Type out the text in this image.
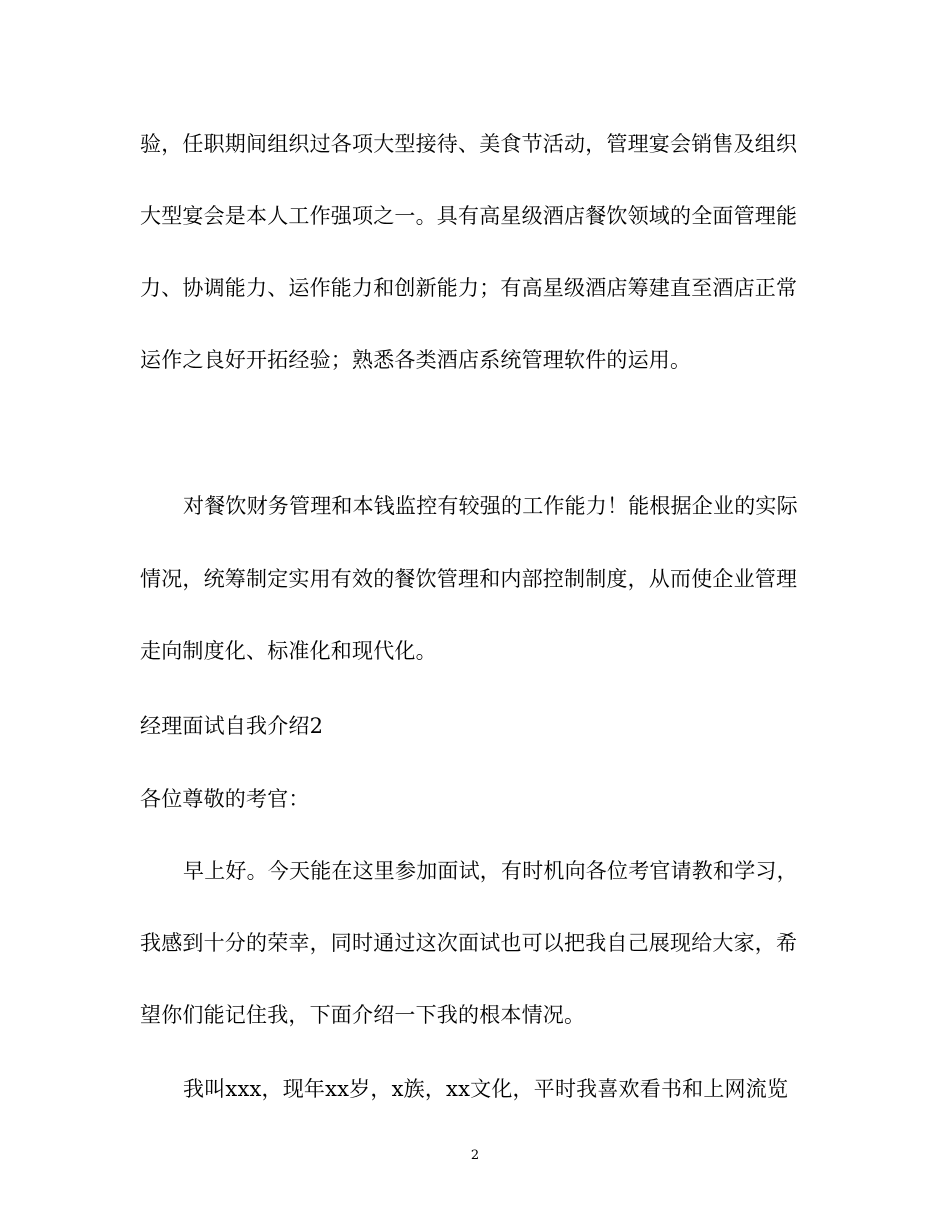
验，任职期间组织过各项大型接待、美食节活动，管理宴会销售及组织
大型宴会是本人工作强项之一。具有高星级酒店餐饮领域的全面管理能
力、协调能力、运作能力和创新能力；有高星级酒店筹建直至酒店正常
运作之良好开拓经验；熟悉各类酒店系统管理软件的运用。
对餐饮财务管理和本钱监控有较强的工作能力！能根据企业的实际
情况，统筹制定实用有效的餐饮管理和内部控制制度，从而使企业管理
走向制度化、标准化和现代化。
经理面试自我介绍2
各位尊敬的考官：
早上好。今天能在这里参加面试，有时机向各位考官请教和学习，
我感到十分的荣幸，同时通过这次面试也可以把我自己展现给大家，希
望你们能记住我，下面介绍一下我的根本情况。
我叫xxx，现年xx岁，x族，xx文化，平时我喜欢看书和上网流览
2
